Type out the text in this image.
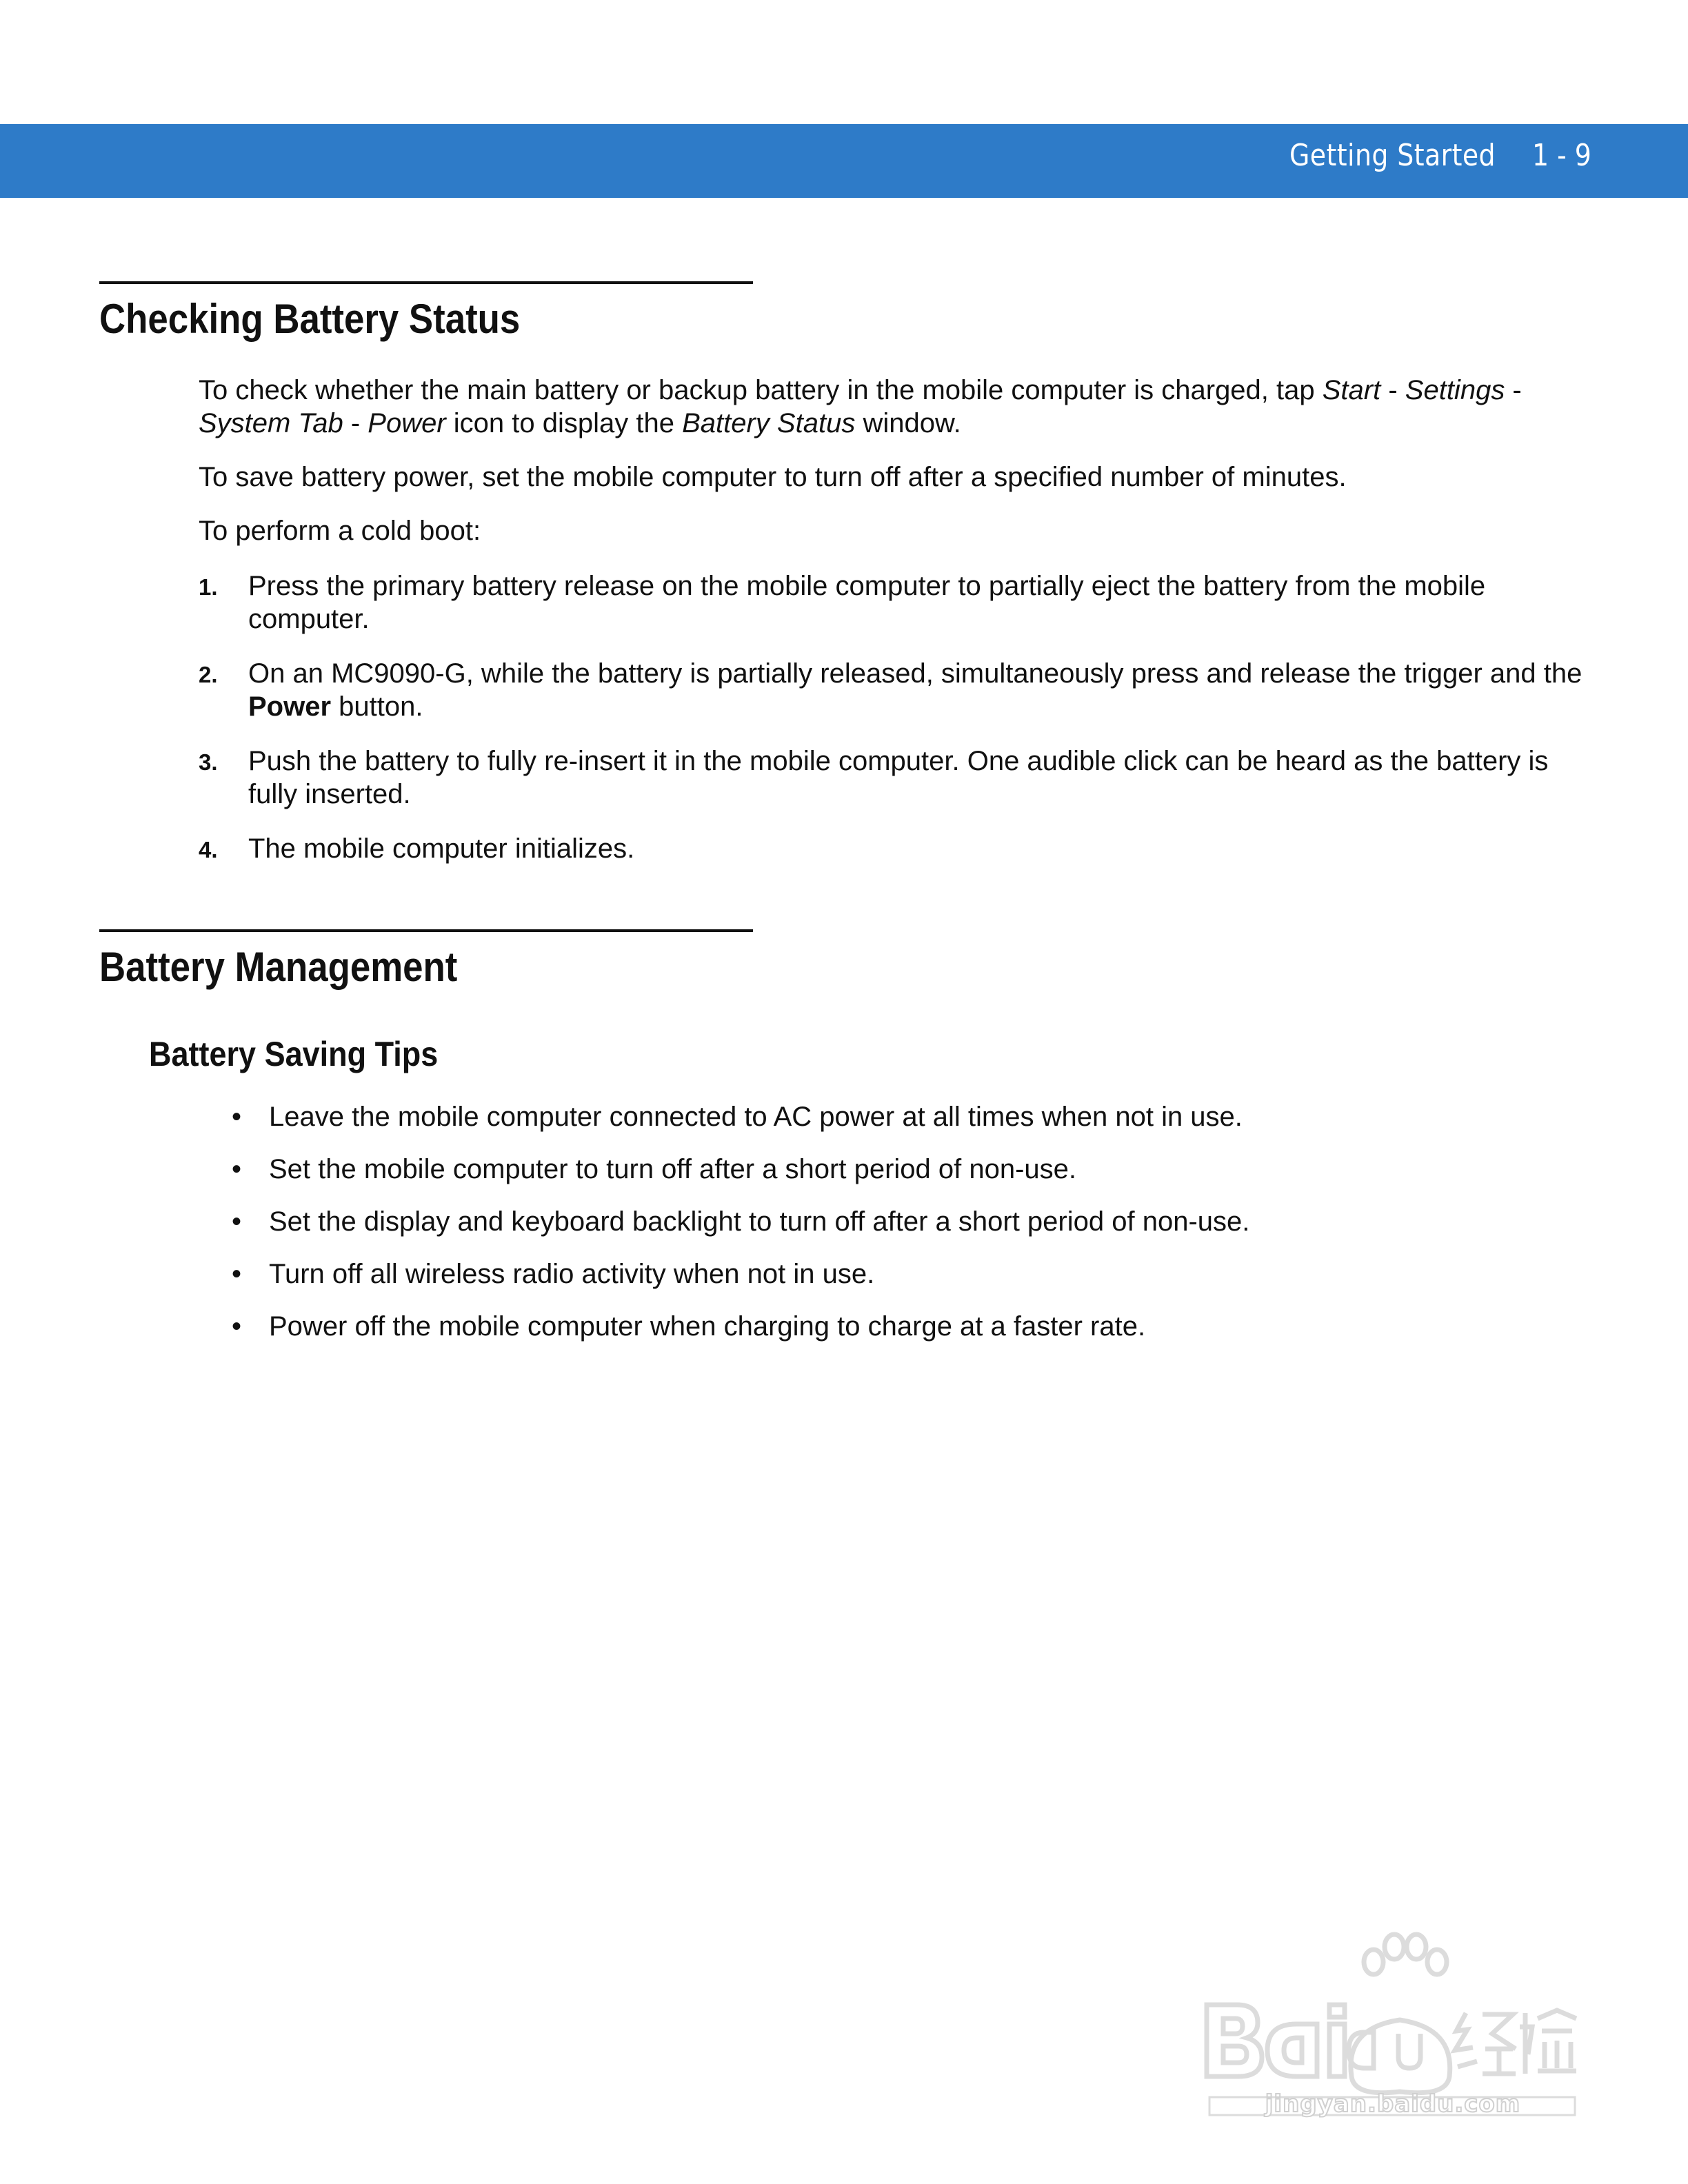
Getting Started 1 - 9
Checking Battery Status

To check whether the main battery or backup battery in the mobile computer is charged, tap Start - Settings - System Tab - Power icon to display the Battery Status window.

To save battery power, set the mobile computer to turn off after a specified number of minutes.

To perform a cold boot:

1. Press the primary battery release on the mobile computer to partially eject the battery from the mobile computer.
2. On an MC9090-G, while the battery is partially released, simultaneously press and release the trigger and the Power button.
3. Push the battery to fully re-insert it in the mobile computer. One audible click can be heard as the battery is fully inserted.
4. The mobile computer initializes.
Battery Management
Battery Saving Tips
• Leave the mobile computer connected to AC power at all times when not in use.
• Set the mobile computer to turn off after a short period of non-use.
• Set the display and keyboard backlight to turn off after a short period of non-use.
• Turn off all wireless radio activity when not in use.
• Power off the mobile computer when charging to charge at a faster rate.
jingyan.baidu.com
